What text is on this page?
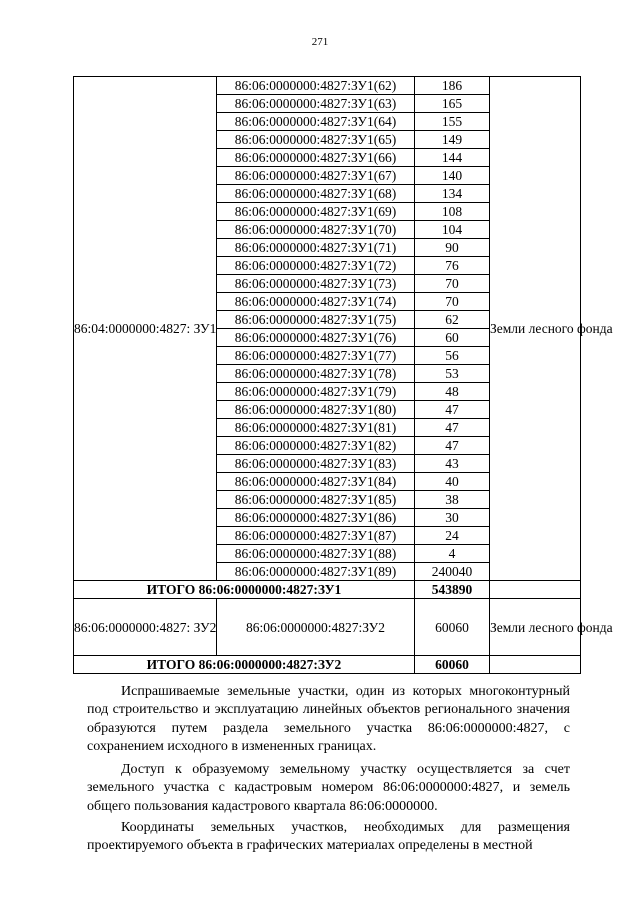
271
86:04:0000000:4827: ЗУ1	86:06:0000000:4827:ЗУ1(62)	186	Земли лесного фонда
	86:06:0000000:4827:ЗУ1(63)	165	
	86:06:0000000:4827:ЗУ1(64)	155	
	86:06:0000000:4827:ЗУ1(65)	149	
	86:06:0000000:4827:ЗУ1(66)	144	
	86:06:0000000:4827:ЗУ1(67)	140	
	86:06:0000000:4827:ЗУ1(68)	134	
	86:06:0000000:4827:ЗУ1(69)	108	
	86:06:0000000:4827:ЗУ1(70)	104	
	86:06:0000000:4827:ЗУ1(71)	90	
	86:06:0000000:4827:ЗУ1(72)	76	
	86:06:0000000:4827:ЗУ1(73)	70	
	86:06:0000000:4827:ЗУ1(74)	70	
	86:06:0000000:4827:ЗУ1(75)	62	
	86:06:0000000:4827:ЗУ1(76)	60	
	86:06:0000000:4827:ЗУ1(77)	56	
	86:06:0000000:4827:ЗУ1(78)	53	
	86:06:0000000:4827:ЗУ1(79)	48	
	86:06:0000000:4827:ЗУ1(80)	47	
	86:06:0000000:4827:ЗУ1(81)	47	
	86:06:0000000:4827:ЗУ1(82)	47	
	86:06:0000000:4827:ЗУ1(83)	43	
	86:06:0000000:4827:ЗУ1(84)	40	
	86:06:0000000:4827:ЗУ1(85)	38	
	86:06:0000000:4827:ЗУ1(86)	30	
	86:06:0000000:4827:ЗУ1(87)	24	
	86:06:0000000:4827:ЗУ1(88)	4	
	86:06:0000000:4827:ЗУ1(89)	240040	
ИТОГО 86:06:0000000:4827:ЗУ1		543890	
86:06:0000000:4827: ЗУ2	86:06:0000000:4827:ЗУ2	60060	Земли лесного фонда
ИТОГО 86:06:0000000:4827:ЗУ2		60060	

Испрашиваемые земельные участки, один из которых многоконтурный под строительство и эксплуатацию линейных объектов регионального значения образуются путем раздела земельного участка 86:06:0000000:4827, с сохранением исходного в измененных границах.

Доступ к образуемому земельному участку осуществляется за счет земельного участка с кадастровым номером 86:06:0000000:4827, и земель общего пользования кадастрового квартала 86:06:0000000.

Координаты земельных участков, необходимых для размещения проектируемого объекта в графических материалах определены в местной
